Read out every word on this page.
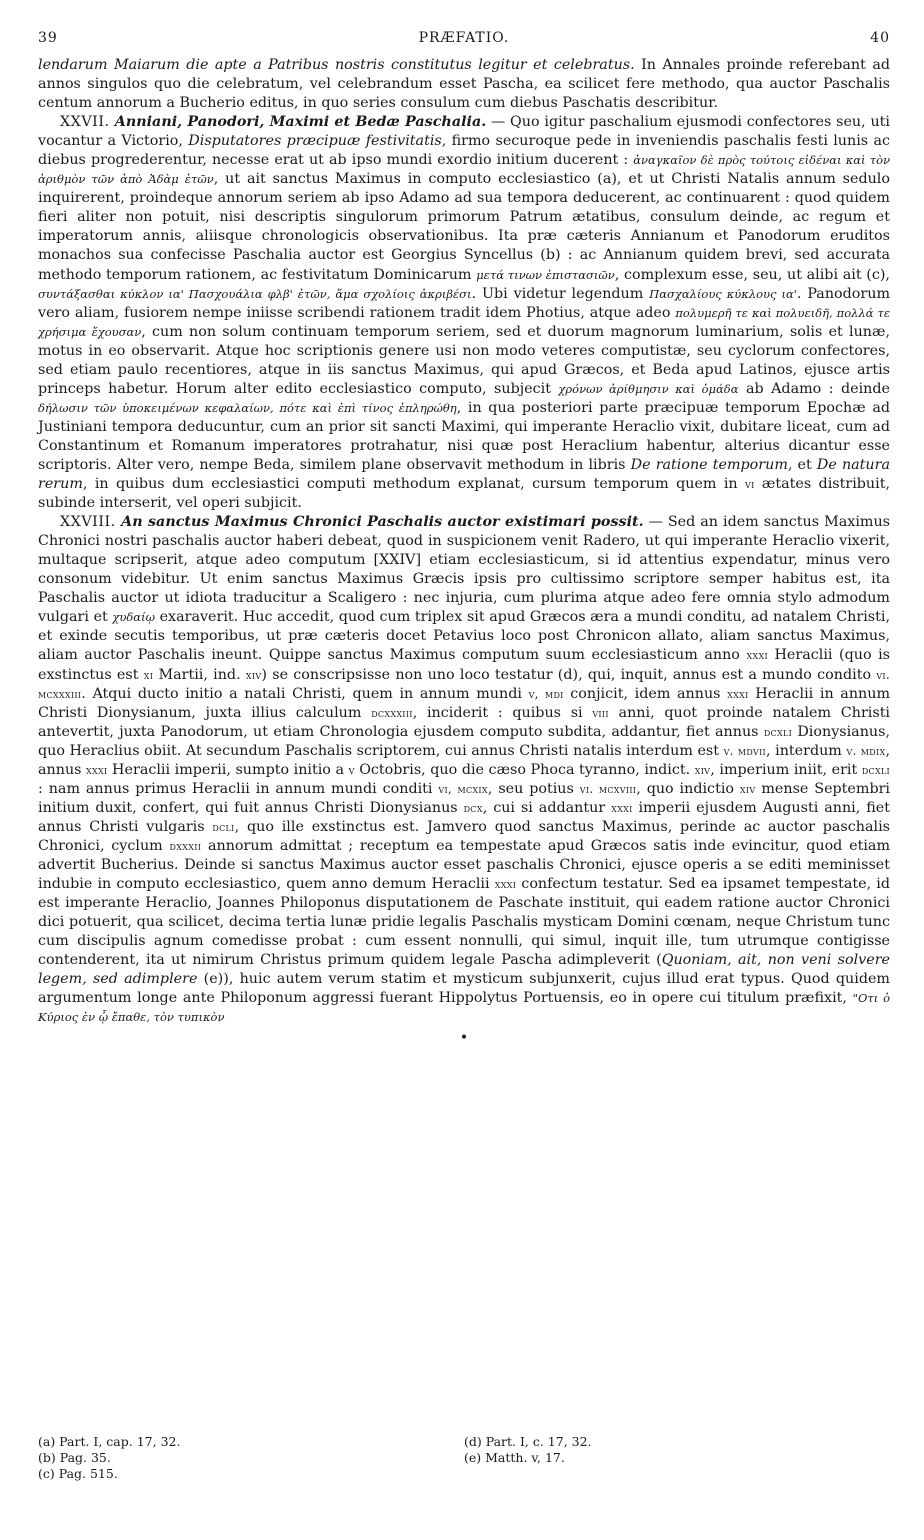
39	PRÆFATIO.	40

lendarum Maiarum die apte a Patribus nostris constitutus legitur et celebratus. In Annales proinde referebant ad annos singulos quo die celebratum, vel celebrandum esset Pascha, ea scilicet fere methodo, qua auctor Paschalis centum annorum a Bucherio editus, in quo series consulum cum diebus Paschatis describitur.

XXVII. Anniani, Panodori, Maximi et Bedæ Paschalia. — Quo igitur paschalium ejusmodi confectores seu, uti vocantur a Victorio, Disputatores præcipuæ festivitatis, firmo securoque pede in inveniendis paschalis festi lunis ac diebus progrederentur, necesse erat ut ab ipso mundi exordio initium ducerent : ἀναγκαῖον δὲ πρὸς τούτοις εἰδέναι καὶ τὸν ἀριθμὸν τῶν ἀπὸ Ἀδὰμ ἐτῶν, ut ait sanctus Maximus in computo ecclesiastico (a), et ut Christi Natalis annum sedulo inquirerent, proindeque annorum seriem ab ipso Adamo ad sua tempora deducerent, ac continuarent : quod quidem fieri aliter non potuit, nisi descriptis singulorum primorum Patrum ætatibus, consulum deinde, ac regum et imperatorum annis, aliisque chronologicis observationibus. Ita præ cæteris Annianum et Panodorum eruditos monachos sua confecisse Paschalia auctor est Georgius Syncellus (b) : ac Annianum quidem brevi, sed accurata methodo temporum rationem, ac festivitatum Dominicarum μετά τινων ἐπιστασιῶν, complexum esse, seu, ut alibi ait (c), συντάξασθαι κύκλον ια' Πασχουάλια φλβ' ἐτῶν, ἅμα σχολίοις ἀκριβέσι. Ubi videtur legendum Πασχαλίους κύκλους ια'. Panodorum vero aliam, fusiorem nempe iniisse scribendi rationem tradit idem Photius, atque adeo πολυμερῆ τε καὶ πολυειδῆ, πολλά τε χρήσιμα ἔχουσαν, cum non solum continuam temporum seriem, sed et duorum magnorum luminarium, solis et lunæ, motus in eo observarit. Atque hoc scriptionis genere usi non modo veteres computistæ, seu cyclorum confectores, sed etiam paulo recentiores, atque in iis sanctus Maximus, qui apud Græcos, et Beda apud Latinos, ejusce artis princeps habetur. Horum alter edito ecclesiastico computo, subjecit χρόνων ἀρίθμησιν καὶ ὁμάδα ab Adamo : deinde δήλωσιν τῶν ὑποκειμένων κεφαλαίων, πότε καὶ ἐπὶ τίνος ἐπληρώθη, in qua posteriori parte præcipuæ temporum Epochæ ad Justiniani tempora deducuntur, cum an prior sit sancti Maximi, qui imperante Heraclio vixit, dubitare liceat, cum ad Constantinum et Romanum imperatores protrahatur, nisi quæ post Heraclium habentur, alterius dicantur esse scriptoris. Alter vero, nempe Beda, similem plane observavit methodum in libris De ratione temporum, et De natura rerum, in quibus dum ecclesiastici computi methodum explanat, cursum temporum quem in vi ætates distribuit, subinde interserit, vel operi subjicit.

XXVIII. An sanctus Maximus Chronici Paschalis auctor existimari possit. — Sed an idem sanctus Maximus Chronici nostri paschalis auctor haberi debeat, quod in suspicionem venit Radero, ut qui imperante Heraclio vixerit, multaque scripserit, atque adeo computum [XXIV] etiam ecclesiasticum, si id attentius expendatur, minus vero consonum videbitur. Ut enim sanctus Maximus Græcis ipsis pro cultissimo scriptore semper habitus est, ita Paschalis auctor ut idiota traducitur a Scaligero : nec injuria, cum plurima atque adeo fere omnia stylo admodum vulgari et χυδαίῳ exaraverit. Huc accedit, quod cum triplex sit apud Græcos æra a mundi conditu, ad natalem Christi, et exinde secutis temporibus, ut præ cæteris docet Petavius loco post Chronicon allato, aliam sanctus Maximus, aliam auctor Paschalis ineunt. Quippe sanctus Maximus computum suum ecclesiasticum anno xxxi Heraclii (quo is exstinctus est xi Martii, ind. xiv) se conscripsisse non uno loco testatur (d), qui, inquit, annus est a mundo condito vi. mcxxxiii. Atqui ducto initio a natali Christi, quem in annum mundi v, mdi conjicit, idem annus xxxi Heraclii in annum Christi Dionysianum, juxta illius calculum dcxxxiii, inciderit : quibus si viii anni, quot proinde natalem Christi antevertit, juxta Panodorum, ut etiam Chronologia ejusdem computo subdita, addantur, fiet annus dcxli Dionysianus, quo Heraclius obiit. At secundum Paschalis scriptorem, cui annus Christi natalis interdum est v. mdvii, interdum v. mdix, annus xxxi Heraclii imperii, sumpto initio a v Octobris, quo die cæso Phoca tyranno, indict. xiv, imperium iniit, erit dcxli : nam annus primus Heraclii in annum mundi conditi vi, mcxix, seu potius vi. mcxviii, quo indictio xiv mense Septembri initium duxit, confert, qui fuit annus Christi Dionysianus dcx, cui si addantur xxxi imperii ejusdem Augusti anni, fiet annus Christi vulgaris dcli, quo ille exstinctus est. Jamvero quod sanctus Maximus, perinde ac auctor paschalis Chronici, cyclum dxxxii annorum admittat ; receptum ea tempestate apud Græcos satis inde evincitur, quod etiam advertit Bucherius. Deinde si sanctus Maximus auctor esset paschalis Chronici, ejusce operis a se editi meminisset indubie in computo ecclesiastico, quem anno demum Heraclii xxxi confectum testatur. Sed ea ipsamet tempestate, id est imperante Heraclio, Joannes Philoponus disputationem de Paschate instituit, qui eadem ratione auctor Chronici dici potuerit, qua scilicet, decima tertia lunæ pridie legalis Paschalis mysticam Domini cœnam, neque Christum tunc cum discipulis agnum comedisse probat : cum essent nonnulli, qui simul, inquit ille, tum utrumque contigisse contenderent, ita ut nimirum Christus primum quidem legale Pascha adimpleverit (Quoniam, ait, non veni solvere legem, sed adimplere (e)), huic autem verum statim et mysticum subjunxerit, cujus illud erat typus. Quod quidem argumentum longe ante Philoponum aggressi fuerant Hippolytus Portuensis, eo in opere cui titulum præfixit, "Οτι ὁ Κύριος ἐν ᾧ ἔπαθε, τὸν τυπικὸν

•
(a) Part. I, cap. 17, 32.
(b) Pag. 35.
(c) Pag. 515.
(d) Part. I, c. 17, 32.
(e) Matth. v, 17.
